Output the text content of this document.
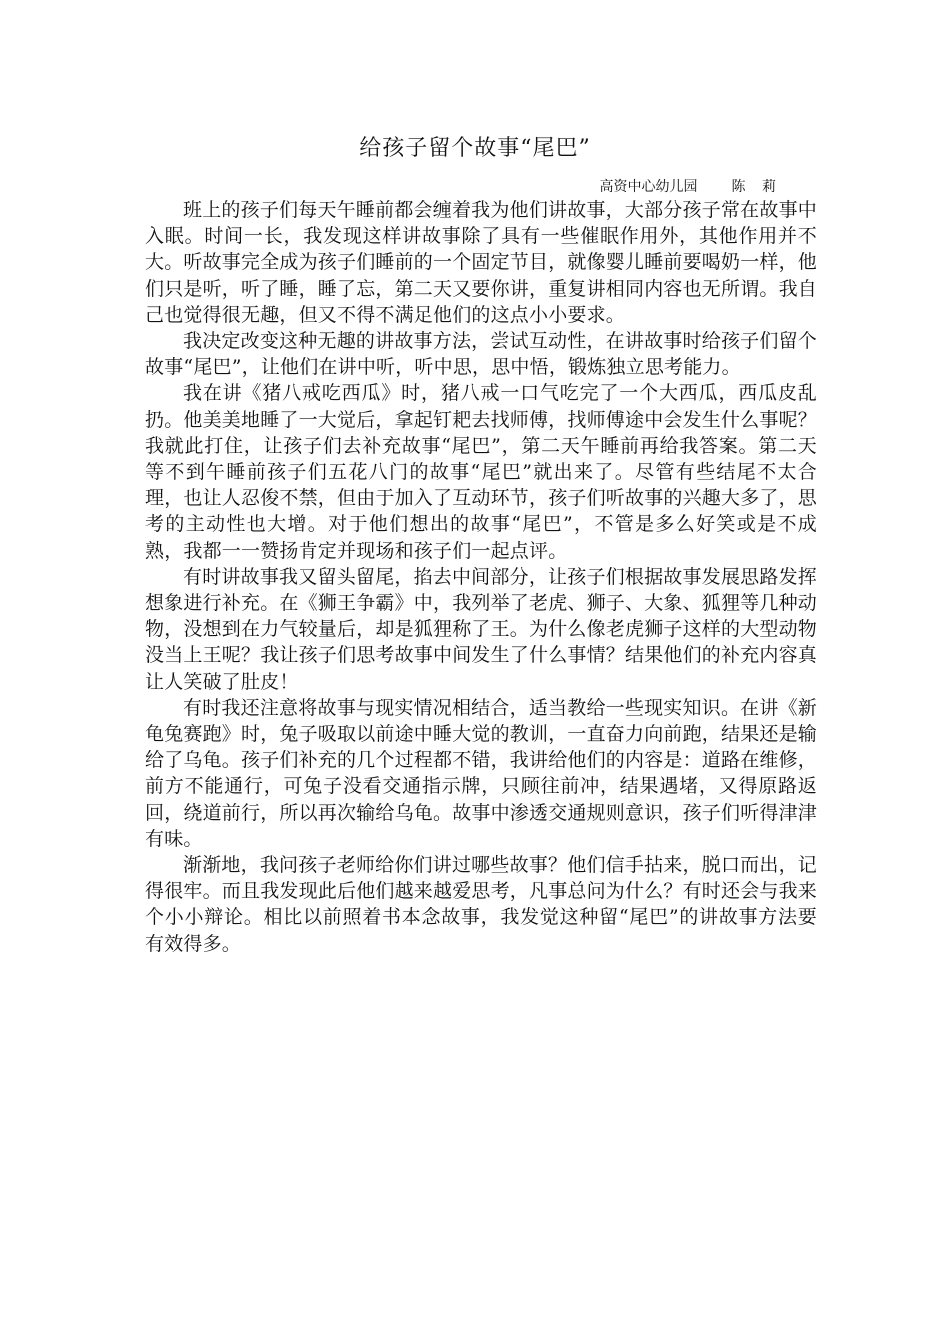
给孩子留个故事“尾巴”
高资中心幼儿园 陈 莉

班上的孩子们每天午睡前都会缠着我为他们讲故事，大部分孩子常在故事中入眠。时间一长，我发现这样讲故事除了具有一些催眠作用外，其他作用并不大。听故事完全成为孩子们睡前的一个固定节目，就像婴儿睡前要喝奶一样，他们只是听，听了睡，睡了忘，第二天又要你讲，重复讲相同内容也无所谓。我自己也觉得很无趣，但又不得不满足他们的这点小小要求。

我决定改变这种无趣的讲故事方法，尝试互动性，在讲故事时给孩子们留个故事“尾巴”，让他们在讲中听，听中思，思中悟，锻炼独立思考能力。

我在讲《猪八戒吃西瓜》时，猪八戒一口气吃完了一个大西瓜，西瓜皮乱扔。他美美地睡了一大觉后，拿起钉耙去找师傅，找师傅途中会发生什么事呢？我就此打住，让孩子们去补充故事“尾巴”，第二天午睡前再给我答案。第二天等不到午睡前孩子们五花八门的故事“尾巴”就出来了。尽管有些结尾不太合理，也让人忍俊不禁，但由于加入了互动环节，孩子们听故事的兴趣大多了，思考的主动性也大增。对于他们想出的故事“尾巴”，不管是多么好笑或是不成熟，我都一一赞扬肯定并现场和孩子们一起点评。

有时讲故事我又留头留尾，掐去中间部分，让孩子们根据故事发展思路发挥想象进行补充。在《狮王争霸》中，我列举了老虎、狮子、大象、狐狸等几种动物，没想到在力气较量后，却是狐狸称了王。为什么像老虎狮子这样的大型动物没当上王呢？我让孩子们思考故事中间发生了什么事情？结果他们的补充内容真让人笑破了肚皮！

有时我还注意将故事与现实情况相结合，适当教给一些现实知识。在讲《新龟兔赛跑》时，兔子吸取以前途中睡大觉的教训，一直奋力向前跑，结果还是输给了乌龟。孩子们补充的几个过程都不错，我讲给他们的内容是：道路在维修，前方不能通行，可兔子没看交通指示牌，只顾往前冲，结果遇堵，又得原路返回，绕道前行，所以再次输给乌龟。故事中渗透交通规则意识，孩子们听得津津有味。

渐渐地，我问孩子老师给你们讲过哪些故事？他们信手拈来，脱口而出，记得很牢。而且我发现此后他们越来越爱思考，凡事总问为什么？有时还会与我来个小小辩论。相比以前照着书本念故事，我发觉这种留“尾巴”的讲故事方法要有效得多。
